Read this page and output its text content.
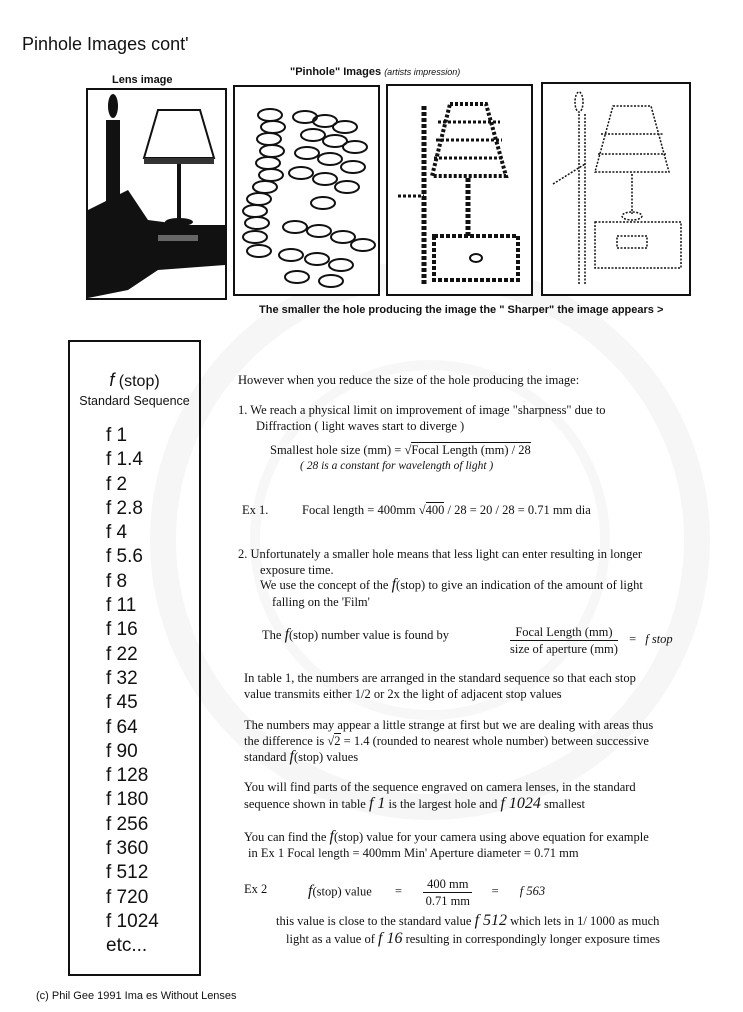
Pinhole Images cont'
Lens image
"Pinhole" Images (artists impression)
The smaller the hole producing the image the " Sharper" the image appears >
f (stop)
Standard Sequence
f 1
f 1.4
f 2
f 2.8
f 4
f 5.6
f 8
f 11
f 16
f 22
f 32
f 45
f 64
f 90
f 128
f 180
f 256
f 360
f 512
f 720
f 1024
etc...
However when you reduce the size of the hole producing the image:
1. We reach a physical limit on improvement of image "sharpness" due to
Diffraction ( light waves start to diverge )
Smallest hole size (mm) = √Focal Length (mm) / 28
( 28 is a constant for wavelength of light )
Ex 1.	Focal length = 400mm √400 / 28 = 20 / 28 = 0.71 mm dia
2. Unfortunately a smaller hole means that less light can enter resulting in longer
exposure time.
We use the concept of the f(stop) to give an indication of the amount of light
falling on the 'Film'
The f(stop) number value is found by	$\frac{\text{Focal Length (mm)}}{\text{size of aperture (mm)}} = f$ stop
In table 1, the numbers are arranged in the standard sequence so that each stop
value transmits either 1/2 or 2x the light of adjacent stop values
The numbers may appear a little strange at first but we are dealing with areas thus
the difference is √2 = 1.4 (rounded to nearest whole number) between successive
standard f(stop) values
You will find parts of the sequence engraved on camera lenses, in the standard
sequence shown in table f 1 is the largest hole and f 1024 smallest
You can find the f(stop) value for your camera using above equation for example
in Ex 1 Focal length = 400mm Min' Aperture diameter = 0.71 mm
Ex 2	f(stop) value = $\frac{400 mm}{0.71 mm} = f$ 563
this value is close to the standard value f 512 which lets in 1/ 1000 as much
light as a value of f 16 resulting in correspondingly longer exposure times
(c) Phil Gee 1991 Ima es Without Lenses
